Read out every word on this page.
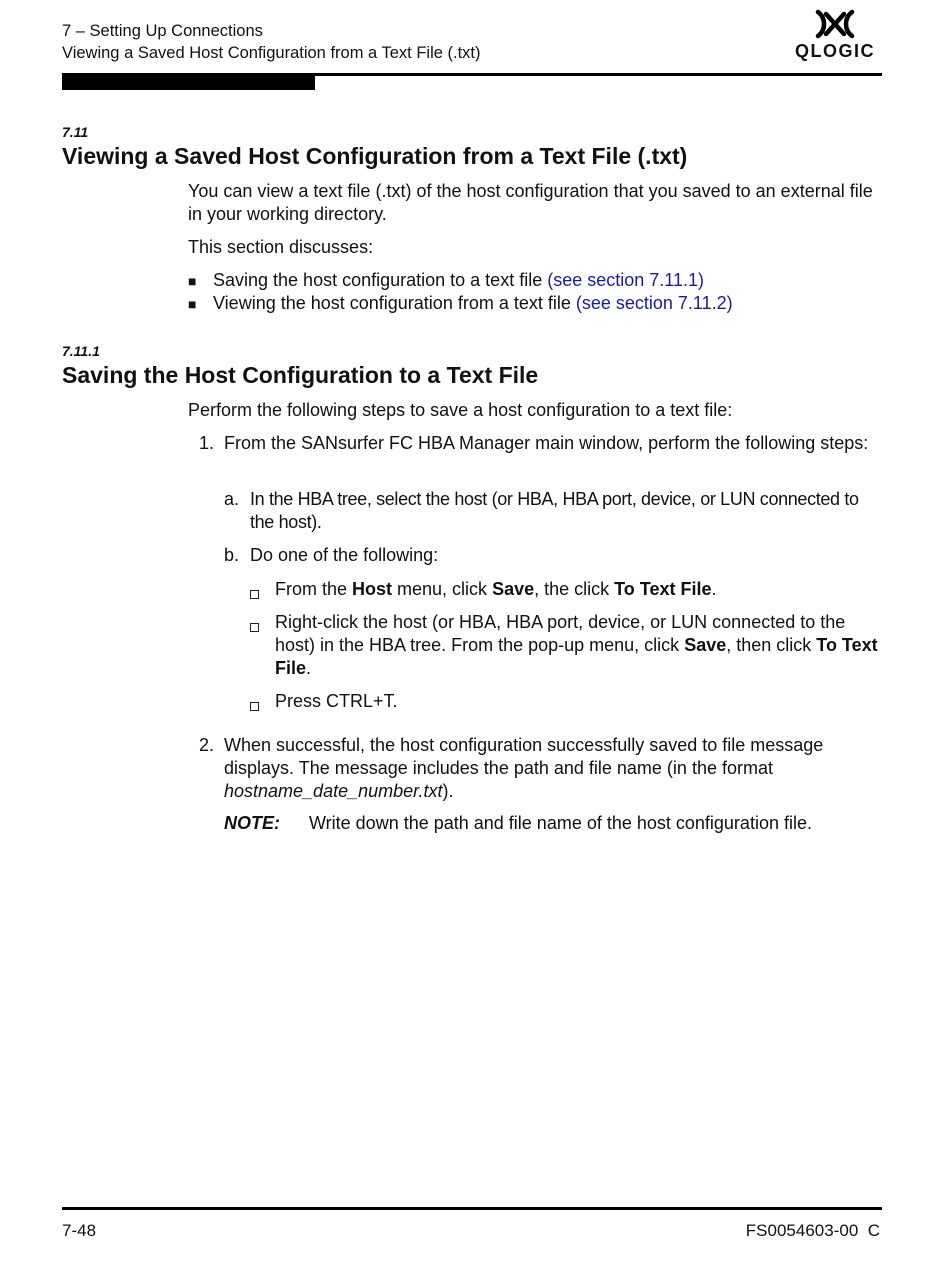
7 – Setting Up Connections
Viewing a Saved Host Configuration from a Text File (.txt)	QLOGIC
7.11
Viewing a Saved Host Configuration from a Text File (.txt)
You can view a text file (.txt) of the host configuration that you saved to an external file in your working directory.
This section discusses:
■ Saving the host configuration to a text file (see section 7.11.1)
■ Viewing the host configuration from a text file (see section 7.11.2)
7.11.1
Saving the Host Configuration to a Text File
Perform the following steps to save a host configuration to a text file:
1. From the SANsurfer FC HBA Manager main window, perform the following steps:
a. In the HBA tree, select the host (or HBA, HBA port, device, or LUN connected to the host).
b. Do one of the following:
From the Host menu, click Save, the click To Text File.
Right-click the host (or HBA, HBA port, device, or LUN connected to the host) in the HBA tree. From the pop-up menu, click Save, then click To Text File.
Press CTRL+T.
2. When successful, the host configuration successfully saved to file message displays. The message includes the path and file name (in the format hostname_date_number.txt).
NOTE: Write down the path and file name of the host configuration file.
7-48	FS0054603-00  C
